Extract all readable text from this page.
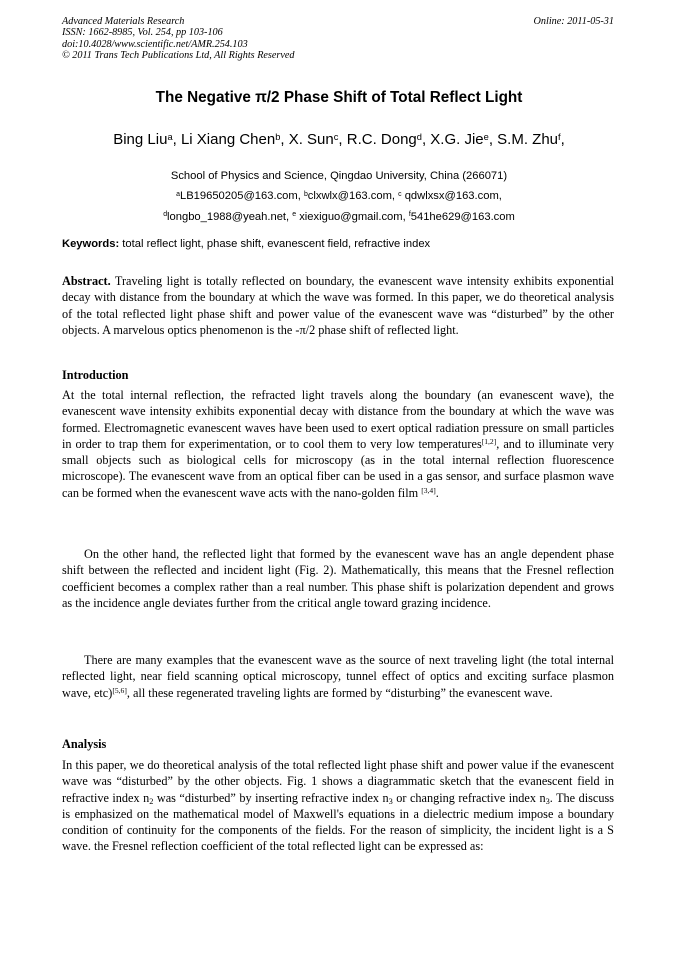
Advanced Materials Research
ISSN: 1662-8985, Vol. 254, pp 103-106
doi:10.4028/www.scientific.net/AMR.254.103
© 2011 Trans Tech Publications Ltd, All Rights Reserved
Online: 2011-05-31
The Negative π/2 Phase Shift of Total Reflect Light
Bing Liu$^a$, Li Xiang Chen$^b$, X. Sun$^c$, R.C. Dong$^d$, X.G. Jie$^e$, S.M. Zhu$^f$,
School of Physics and Science, Qingdao University, China (266071)
$^a$LB19650205@163.com, $^b$clxwlx@163.com, $^c$ qdwlxsx@163.com,
$^d$longbo_1988@yeah.net, $^e$ xiexiguo@gmail.com, $^f$541he629@163.com
Keywords: total reflect light, phase shift, evanescent field, refractive index
Abstract. Traveling light is totally reflected on boundary, the evanescent wave intensity exhibits exponential decay with distance from the boundary at which the wave was formed. In this paper, we do theoretical analysis of the total reflected light phase shift and power value of the evanescent wave was “disturbed” by the other objects. A marvelous optics phenomenon is the -π/2 phase shift of reflected light.
Introduction
At the total internal reflection, the refracted light travels along the boundary (an evanescent wave), the evanescent wave intensity exhibits exponential decay with distance from the boundary at which the wave was formed. Electromagnetic evanescent waves have been used to exert optical radiation pressure on small particles in order to trap them for experimentation, or to cool them to very low temperatures[1,2], and to illuminate very small objects such as biological cells for microscopy (as in the total internal reflection fluorescence microscope). The evanescent wave from an optical fiber can be used in a gas sensor, and surface plasmon wave can be formed when the evanescent wave acts with the nano-golden film [3,4].
On the other hand, the reflected light that formed by the evanescent wave has an angle dependent phase shift between the reflected and incident light (Fig. 2). Mathematically, this means that the Fresnel reflection coefficient becomes a complex rather than a real number. This phase shift is polarization dependent and grows as the incidence angle deviates further from the critical angle toward grazing incidence.
There are many examples that the evanescent wave as the source of next traveling light (the total internal reflected light, near field scanning optical microscopy, tunnel effect of optics and exciting surface plasmon wave, etc)[5,6], all these regenerated traveling lights are formed by “disturbing” the evanescent wave.
Analysis
In this paper, we do theoretical analysis of the total reflected light phase shift and power value if the evanescent wave was “disturbed” by the other objects. Fig. 1 shows a diagrammatic sketch that the evanescent field in refractive index $n_2$ was “disturbed” by inserting refractive index $n_3$ or changing refractive index $n_3$. The discuss is emphasized on the mathematical model of Maxwell's equations in a dielectric medium impose a boundary condition of continuity for the components of the fields. For the reason of simplicity, the incident light is a S wave. the Fresnel reflection coefficient of the total reflected light can be expressed as:
